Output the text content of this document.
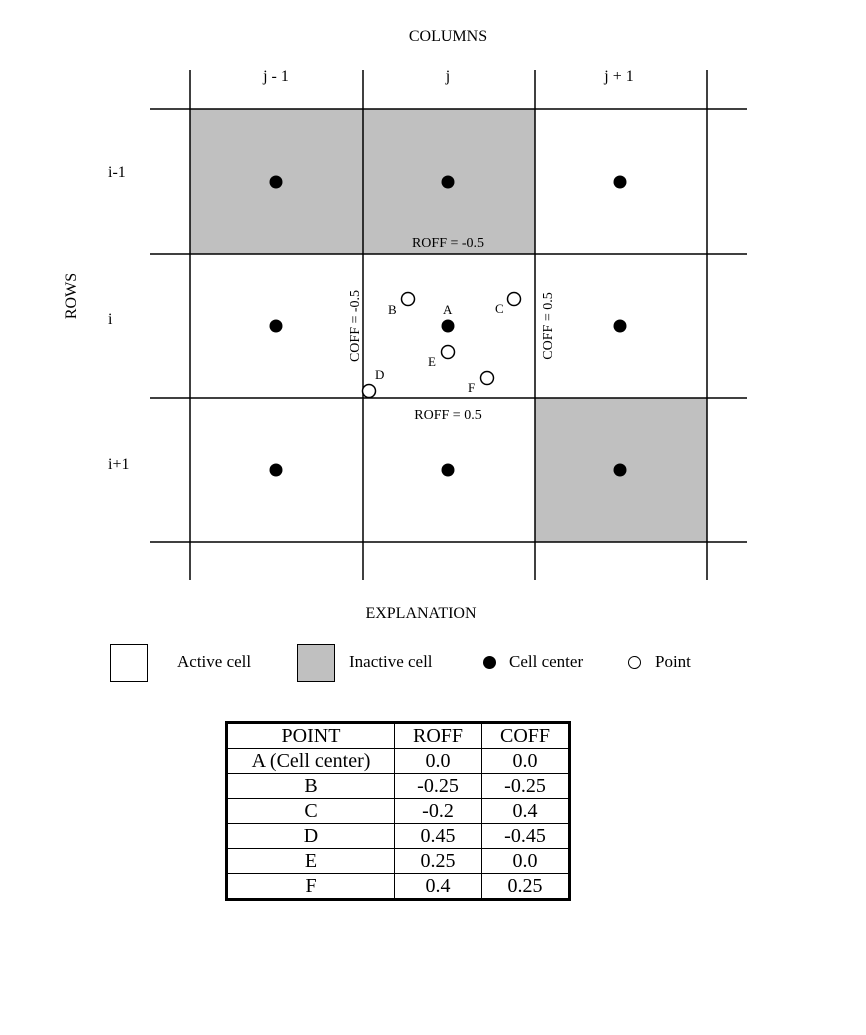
COLUMNS
ROWS
j - 1	j	j + 1
i-1
i
i+1
A
B	C
D
E
F
ROFF = -0.5
ROFF = 0.5
COFF = -0.5	COFF = 0.5
EXPLANATION
Active cell	Inactive cell	Cell center	Point
POINT	ROFF	COFF
A (Cell center)	0.0	0.0
B	-0.25	-0.25
C	-0.2	0.4
D	0.45	-0.45
E	0.25	0.0
F	0.4	0.25
